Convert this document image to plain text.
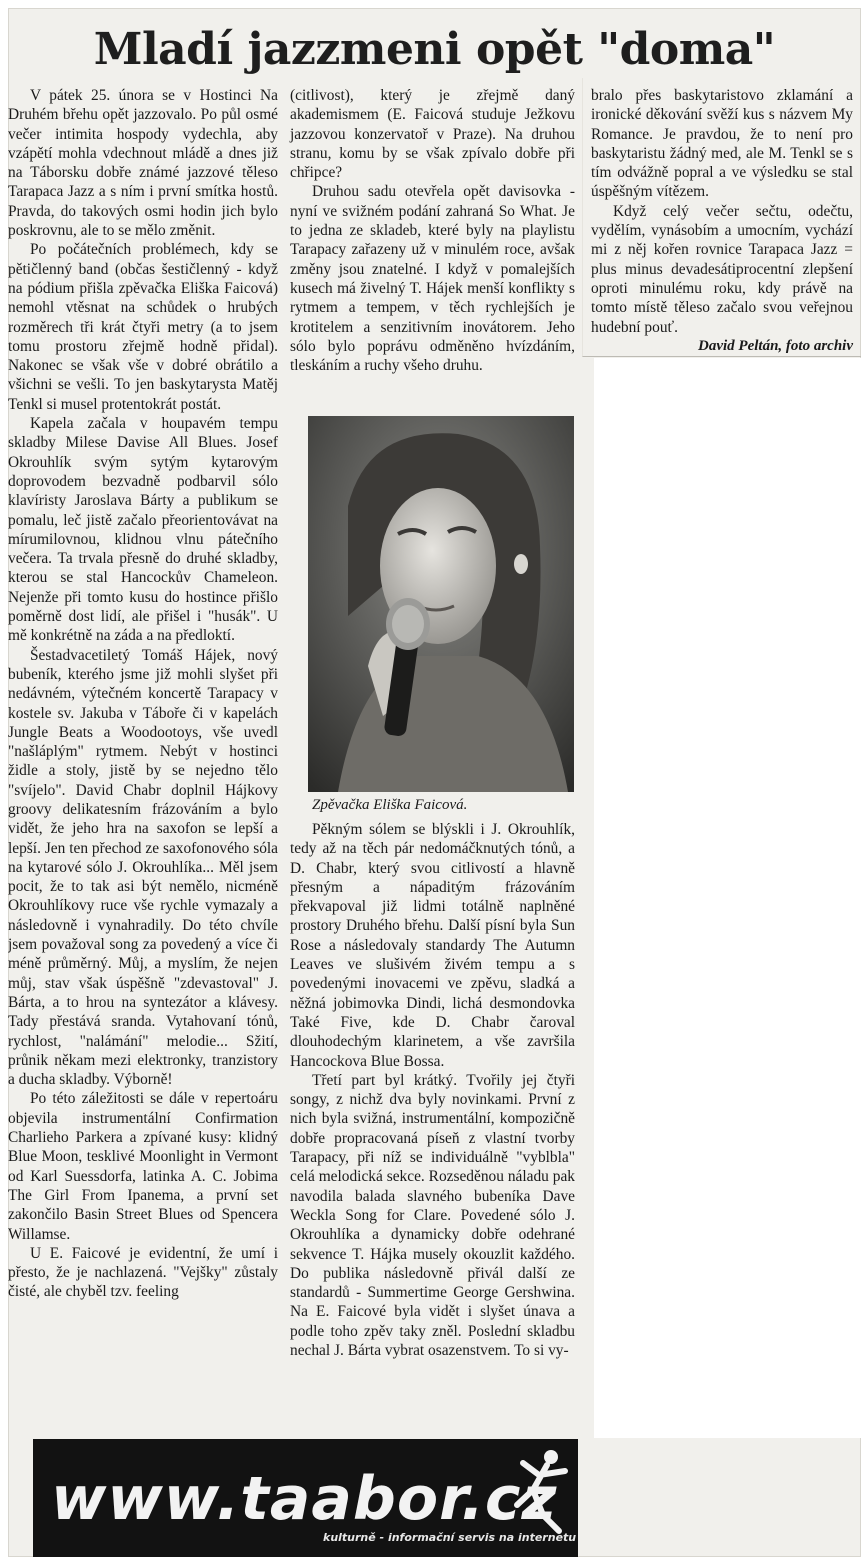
Mladí jazzmeni opět "doma"

V pátek 25. února se v Hostinci Na Druhém břehu opět jazzovalo. Po půl osmé večer intimita hospody vydechla, aby vzápětí mohla vdechnout mládě a dnes již na Táborsku dobře známé jazzové těleso Tarapaca Jazz a s ním i první smítka hostů. Pravda, do takových osmi hodin jich bylo poskrovnu, ale to se mělo změnit.

Po počátečních problémech, kdy se pětičlenný band (občas šestičlenný - když na pódium přišla zpěvačka Eliška Faicová) nemohl vtěsnat na schůdek o hrubých rozměrech tři krát čtyři metry (a to jsem tomu prostoru zřejmě hodně přidal). Nakonec se však vše v dobré obrátilo a všichni se vešli. To jen baskytarysta Matěj Tenkl si musel protentokrát postát.

Kapela začala v houpavém tempu skladby Milese Davise All Blues. Josef Okrouhlík svým sytým kytarovým doprovodem bezvadně podbarvil sólo klavíristy Jaroslava Bárty a publikum se pomalu, leč jistě začalo přeorientovávat na mírumilovnou, klidnou vlnu pátečního večera. Ta trvala přesně do druhé skladby, kterou se stal Hancockův Chameleon. Nejenže při tomto kusu do hostince přišlo poměrně dost lidí, ale přišel i "husák". U mě konkrétně na záda a na předloktí.

Šestadvacetiletý Tomáš Hájek, nový bubeník, kterého jsme již mohli slyšet při nedávném, výtečném koncertě Tarapacy v kostele sv. Jakuba v Táboře či v kapelách Jungle Beats a Woodootoys, vše uvedl "našláplým" rytmem. Nebýt v hostinci židle a stoly, jistě by se nejedno tělo "svíjelo". David Chabr doplnil Hájkovy groovy delikatesním frázováním a bylo vidět, že jeho hra na saxofon se lepší a lepší. Jen ten přechod ze saxofonového sóla na kytarové sólo J. Okrouhlíka... Měl jsem pocit, že to tak asi být nemělo, nicméně Okrouhlíkovy ruce vše rychle vymazaly a následovně i vynahradily. Do této chvíle jsem považoval song za povedený a více či méně průměrný. Můj, a myslím, že nejen můj, stav však úspěšně "zdevastoval" J. Bárta, a to hrou na syntezátor a klávesy. Tady přestává sranda. Vytahovaní tónů, rychlost, "nalámání" melodie... Sžití, průnik někam mezi elektronky, tranzistory a ducha skladby. Výborně!

Po této záležitosti se dále v repertoáru objevila instrumentální Confirmation Charlieho Parkera a zpívané kusy: klidný Blue Moon, tesklivé Moonlight in Vermont od Karl Suessdorfa, latinka A. C. Jobima The Girl From Ipanema, a první set zakončilo Basin Street Blues od Spencera Willamse.

U E. Faicové je evidentní, že umí i přesto, že je nachlazená. "Vejšky" zůstaly čisté, ale chyběl tzv. feeling

(citlivost), který je zřejmě daný akademismem (E. Faicová studuje Ježkovu jazzovou konzervatoř v Praze). Na druhou stranu, komu by se však zpívalo dobře při chřipce?

Druhou sadu otevřela opět davisovka - nyní ve svižném podání zahraná So What. Je to jedna ze skladeb, které byly na playlistu Tarapacy zařazeny už v minulém roce, avšak změny jsou znatelné. I když v pomalejších kusech má živelný T. Hájek menší konflikty s rytmem a tempem, v těch rychlejších je krotitelem a senzitivním inovátorem. Jeho sólo bylo poprávu odměněno hvízdáním, tleskáním a ruchy všeho druhu.

Pěkným sólem se blýskli i J. Okrouhlík, tedy až na těch pár nedomáčknutých tónů, a D. Chabr, který svou citlivostí a hlavně přesným a nápaditým frázováním překvapoval již lidmi totálně naplněné prostory Druhého břehu. Další písní byla Sun Rose a následovaly standardy The Autumn Leaves ve slušivém živém tempu a s povedenými inovacemi ve zpěvu, sladká a něžná jobimovka Dindi, lichá desmondovka Také Five, kde D. Chabr čaroval dlouhodechým klarinetem, a vše završila Hancockova Blue Bossa.

Třetí part byl krátký. Tvořily jej čtyři songy, z nichž dva byly novinkami. První z nich byla svižná, instrumentální, kompozičně dobře propracovaná píseň z vlastní tvorby Tarapacy, při níž se individuálně "vyblbla" celá melodická sekce. Rozseděnou náladu pak navodila balada slavného bubeníka Dave Weckla Song for Clare. Povedené sólo J. Okrouhlíka a dynamicky dobře odehrané sekvence T. Hájka musely okouzlit každého. Do publika následovně přivál další ze standardů - Summertime George Gershwina. Na E. Faicové byla vidět i slyšet únava a podle toho zpěv taky zněl. Poslední skladbu nechal J. Bárta vybrat osazenstvem. To si vy-

Zpěvačka Eliška Faicová.

bralo přes baskytaristovo zklamání a ironické děkování svěží kus s názvem My Romance. Je pravdou, že to není pro baskytaristu žádný med, ale M. Tenkl se s tím odvážně popral a ve výsledku se stal úspěšným vítězem.

Když celý večer sečtu, odečtu, vydělím, vynásobím a umocním, vychází mi z něj kořen rovnice Tarapaca Jazz = plus minus devadesátiprocentní zlepšení oproti minulému roku, kdy právě na tomto místě těleso začalo svou veřejnou hudební pouť.

David Peltán, foto archiv

www.taabor.cz

kulturně - informační servis na internetu
